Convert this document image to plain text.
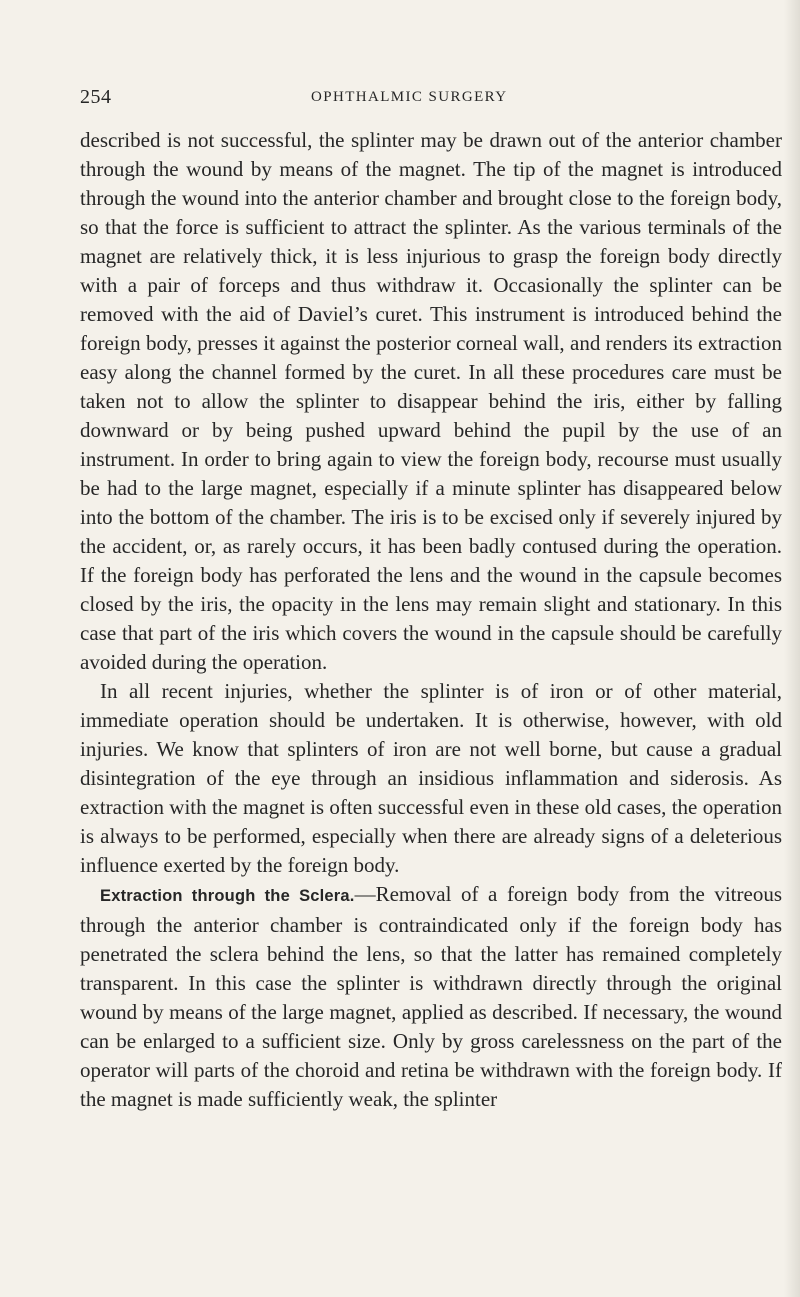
254	OPHTHALMIC SURGERY

described is not successful, the splinter may be drawn out of the anterior chamber through the wound by means of the magnet. The tip of the magnet is introduced through the wound into the anterior chamber and brought close to the foreign body, so that the force is sufficient to attract the splinter. As the various terminals of the magnet are relatively thick, it is less injurious to grasp the foreign body directly with a pair of forceps and thus withdraw it. Occasionally the splinter can be removed with the aid of Daviel’s curet. This instrument is introduced behind the foreign body, presses it against the posterior corneal wall, and renders its extraction easy along the channel formed by the curet. In all these procedures care must be taken not to allow the splinter to disappear behind the iris, either by falling downward or by being pushed upward behind the pupil by the use of an instrument. In order to bring again to view the foreign body, recourse must usually be had to the large magnet, especially if a minute splinter has disappeared below into the bottom of the chamber. The iris is to be excised only if severely injured by the accident, or, as rarely occurs, it has been badly contused during the operation. If the foreign body has perforated the lens and the wound in the capsule becomes closed by the iris, the opacity in the lens may remain slight and stationary. In this case that part of the iris which covers the wound in the capsule should be carefully avoided during the operation.

In all recent injuries, whether the splinter is of iron or of other material, immediate operation should be undertaken. It is otherwise, however, with old injuries. We know that splinters of iron are not well borne, but cause a gradual disintegration of the eye through an insidious inflammation and siderosis. As extraction with the magnet is often successful even in these old cases, the operation is always to be performed, especially when there are already signs of a deleterious influence exerted by the foreign body.

Extraction through the Sclera.—Removal of a foreign body from the vitreous through the anterior chamber is contraindicated only if the foreign body has penetrated the sclera behind the lens, so that the latter has remained completely transparent. In this case the splinter is withdrawn directly through the original wound by means of the large magnet, applied as described. If necessary, the wound can be enlarged to a sufficient size. Only by gross carelessness on the part of the operator will parts of the choroid and retina be withdrawn with the foreign body. If the magnet is made sufficiently weak, the splinter
